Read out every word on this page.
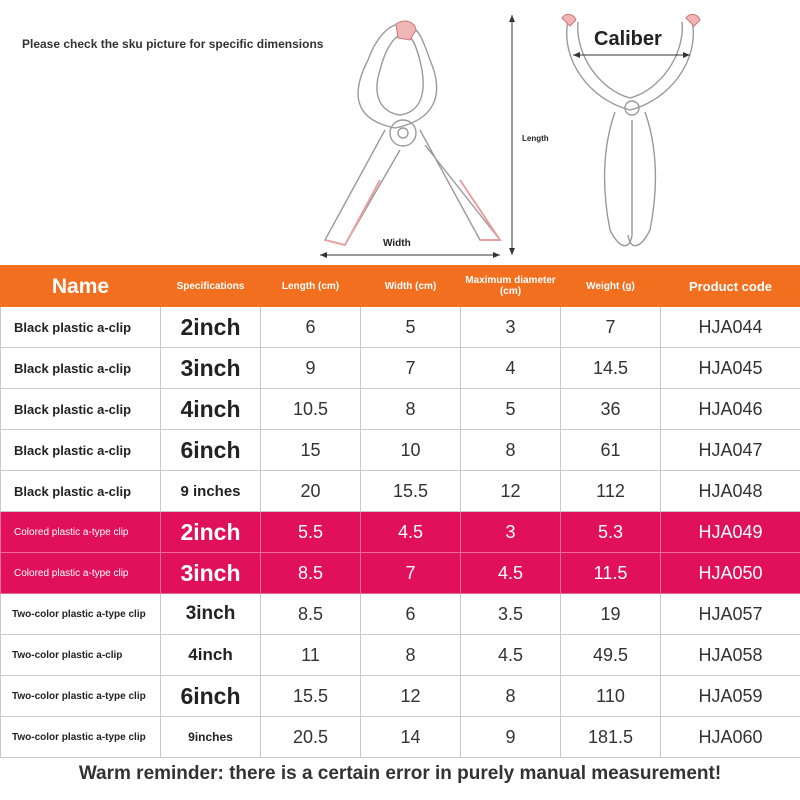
Please check the sku picture for specific dimensions
Width
Length
Caliber
Name	Specifications	Length (cm)	Width (cm)	Maximum diameter (cm)	Weight (g)	Product code
Black plastic a-clip	2inch	6	5	3	7	HJA044
Black plastic a-clip	3inch	9	7	4	14.5	HJA045
Black plastic a-clip	4inch	10.5	8	5	36	HJA046
Black plastic a-clip	6inch	15	10	8	61	HJA047
Black plastic a-clip	9 inches	20	15.5	12	112	HJA048
Colored plastic a-type clip	2inch	5.5	4.5	3	5.3	HJA049
Colored plastic a-type clip	3inch	8.5	7	4.5	11.5	HJA050
Two-color plastic a-type clip	3inch	8.5	6	3.5	19	HJA057
Two-color plastic a-clip	4inch	11	8	4.5	49.5	HJA058
Two-color plastic a-type clip	6inch	15.5	12	8	110	HJA059
Two-color plastic a-type clip	9inches	20.5	14	9	181.5	HJA060
Warm reminder: there is a certain error in purely manual measurement!
